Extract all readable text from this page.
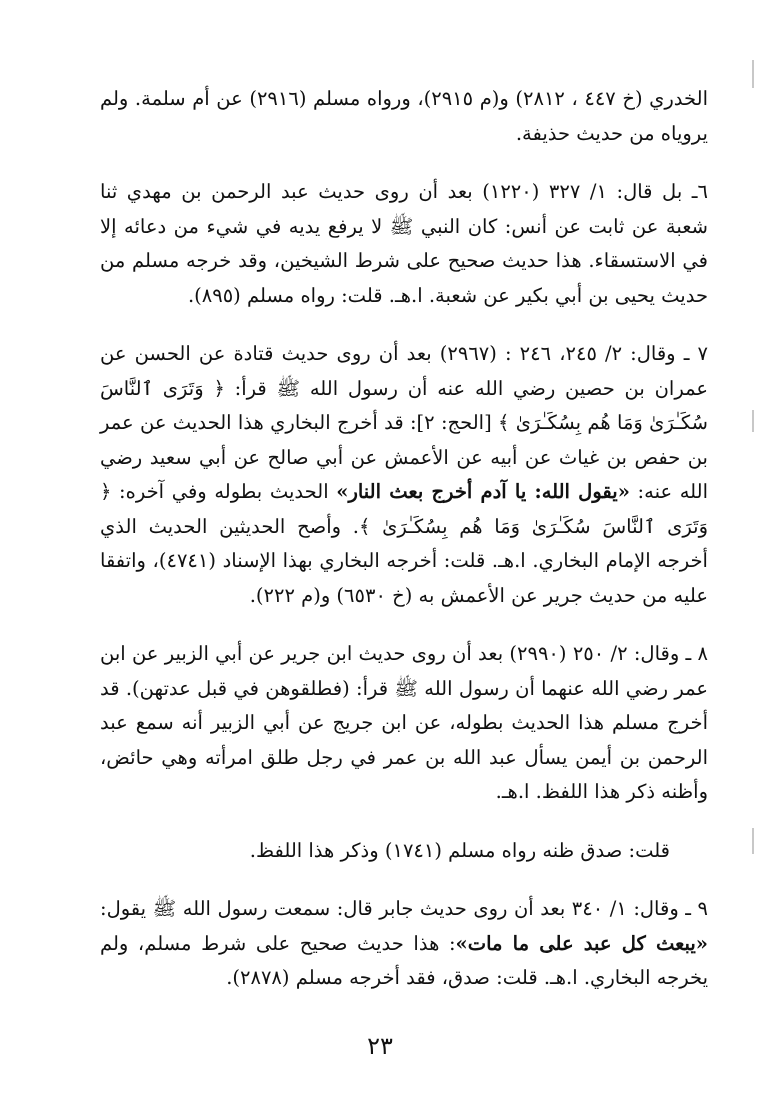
الخدري (خ ٤٤٧ ، ٢٨١٢) و(م ٢٩١٥)، ورواه مسلم (٢٩١٦) عن أم سلمة. ولم يروياه من حديث حذيفة.

٦ـ بل قال: ١/ ٣٢٧ (١٢٢٠) بعد أن روى حديث عبد الرحمن بن مهدي ثنا شعبة عن ثابت عن أنس: كان النبي ﷺ لا يرفع يديه في شيء من دعائه إلا في الاستسقاء. هذا حديث صحيح على شرط الشيخين، وقد خرجه مسلم من حديث يحيى بن أبي بكير عن شعبة. ا.هـ. قلت: رواه مسلم (٨٩٥).

٧ ـ وقال: ٢/ ٢٤٥، ٢٤٦ : (٢٩٦٧) بعد أن روى حديث قتادة عن الحسن عن عمران بن حصين رضي الله عنه أن رسول الله ﷺ قرأ: ﴿ وَتَرَى ٱلنَّاسَ سُكَـٰرَىٰ وَمَا هُم بِسُكَـٰرَىٰ ﴾ [الحج: ٢]: قد أخرج البخاري هذا الحديث عن عمر بن حفص بن غياث عن أبيه عن الأعمش عن أبي صالح عن أبي سعيد رضي الله عنه: «يقول الله: يا آدم أخرج بعث النار» الحديث بطوله وفي آخره: ﴿ وَتَرَى ٱلنَّاسَ سُكَـٰرَىٰ وَمَا هُم بِسُكَـٰرَىٰ ﴾. وأصح الحديثين الحديث الذي أخرجه الإمام البخاري. ا.هـ. قلت: أخرجه البخاري بهذا الإسناد (٤٧٤١)، واتفقا عليه من حديث جرير عن الأعمش به (خ ٦٥٣٠) و(م ٢٢٢).

٨ ـ وقال: ٢/ ٢٥٠ (٢٩٩٠) بعد أن روى حديث ابن جرير عن أبي الزبير عن ابن عمر رضي الله عنهما أن رسول الله ﷺ قرأ: (فطلقوهن في قبل عدتهن). قد أخرج مسلم هذا الحديث بطوله، عن ابن جريج عن أبي الزبير أنه سمع عبد الرحمن بن أيمن يسأل عبد الله بن عمر في رجل طلق امرأته وهي حائض، وأظنه ذكر هذا اللفظ. ا.هـ.

قلت: صدق ظنه رواه مسلم (١٧٤١) وذكر هذا اللفظ.

٩ ـ وقال: ١/ ٣٤٠ بعد أن روى حديث جابر قال: سمعت رسول الله ﷺ يقول: «يبعث كل عبد على ما مات»: هذا حديث صحيح على شرط مسلم، ولم يخرجه البخاري. ا.هـ. قلت: صدق، فقد أخرجه مسلم (٢٨٧٨).

٢٣
